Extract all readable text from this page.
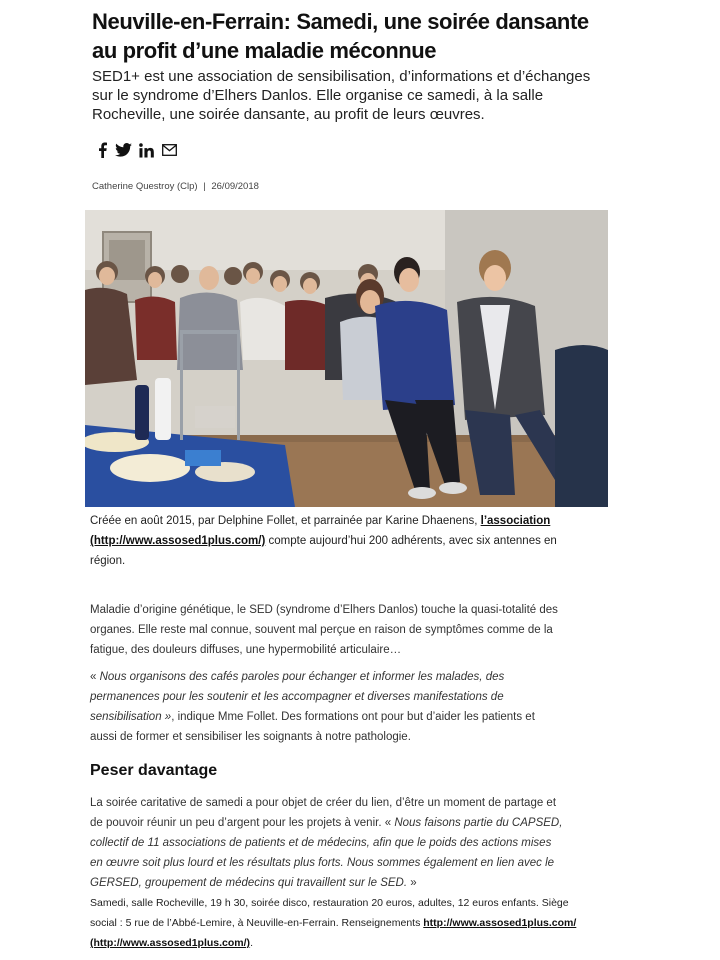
Neuville-en-Ferrain: Samedi, une soirée dansante
au profit d’une maladie méconnue

SED1+ est une association de sensibilisation, d’informations et d’échanges
sur le syndrome d’Elhers Danlos. Elle organise ce samedi, à la salle
Rocheville, une soirée dansante, au profit de leurs œuvres.

Catherine Questroy (Clp) | 26/09/2018

Créée en août 2015, par Delphine Follet, et parrainée par Karine Dhaenens, l’association
(http://www.assosed1plus.com/) compte aujourd’hui 200 adhérents, avec six antennes en
région.

Maladie d’origine génétique, le SED (syndrome d’Elhers Danlos) touche la quasi-totalité des
organes. Elle reste mal connue, souvent mal perçue en raison de symptômes comme de la
fatigue, des douleurs diffuses, une hypermobilité articulaire…

« Nous organisons des cafés paroles pour échanger et informer les malades, des
permanences pour les soutenir et les accompagner et diverses manifestations de
sensibilisation », indique Mme Follet. Des formations ont pour but d’aider les patients et
aussi de former et sensibiliser les soignants à notre pathologie.

Peser davantage

La soirée caritative de samedi a pour objet de créer du lien, d’être un moment de partage et
de pouvoir réunir un peu d’argent pour les projets à venir. « Nous faisons partie du CAPSED,
collectif de 11 associations de patients et de médecins, afin que le poids des actions mises
en œuvre soit plus lourd et les résultats plus forts. Nous sommes également en lien avec le
GERSED, groupement de médecins qui travaillent sur le SED. »

Samedi, salle Rocheville, 19 h 30, soirée disco, restauration 20 euros, adultes, 12 euros enfants. Siège
social : 5 rue de l’Abbé-Lemire, à Neuville-en-Ferrain. Renseignements http://www.assosed1plus.com/
(http://www.assosed1plus.com/).
